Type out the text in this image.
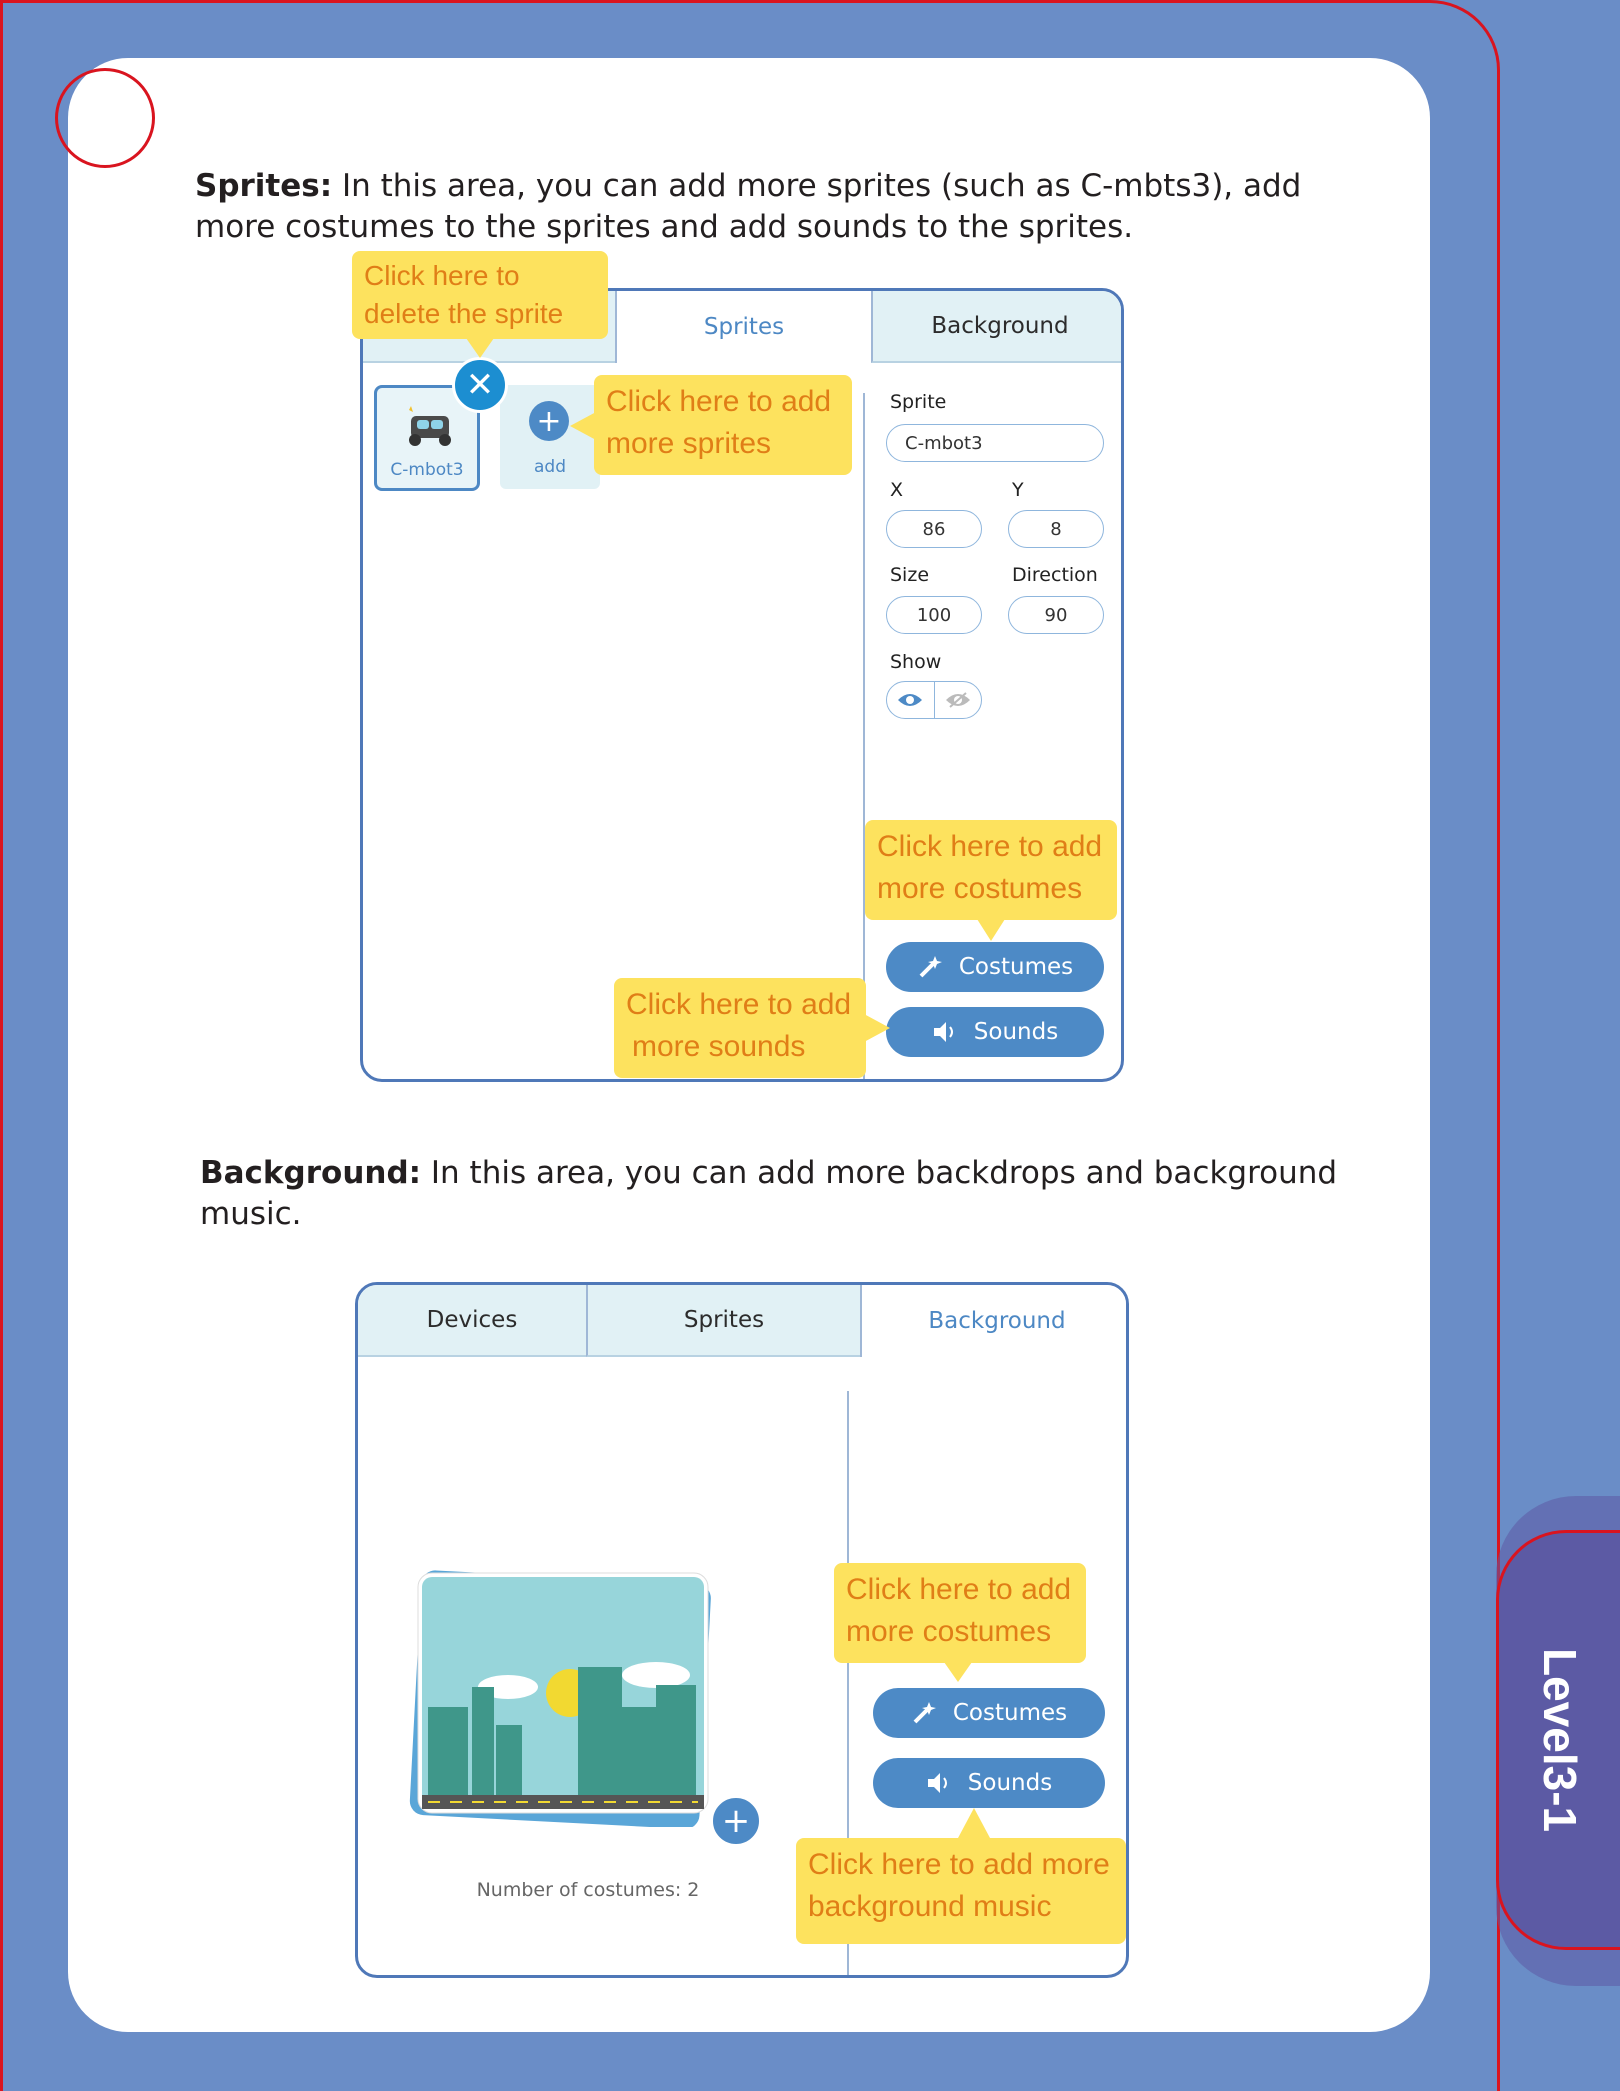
Level3-1
Sprites: In this area, you can add more sprites (such as C-mbts3), add more costumes to the sprites and add sounds to the sprites.
Sprites	Background
C-mbot3
+
add
Sprite
C-mbot3
X	Y
86	8
Size	Direction
100	90
Show
Costumes
Sounds
✕
Click here to
delete the sprite
Click here to add
more sprites
Click here to add
more costumes
Click here to add
more sounds
Background: In this area, you can add more backdrops and background music.
Devices	Sprites	Background
+
Number of costumes: 2
Costumes
Sounds
Click here to add
more costumes
Click here to add more
background music
